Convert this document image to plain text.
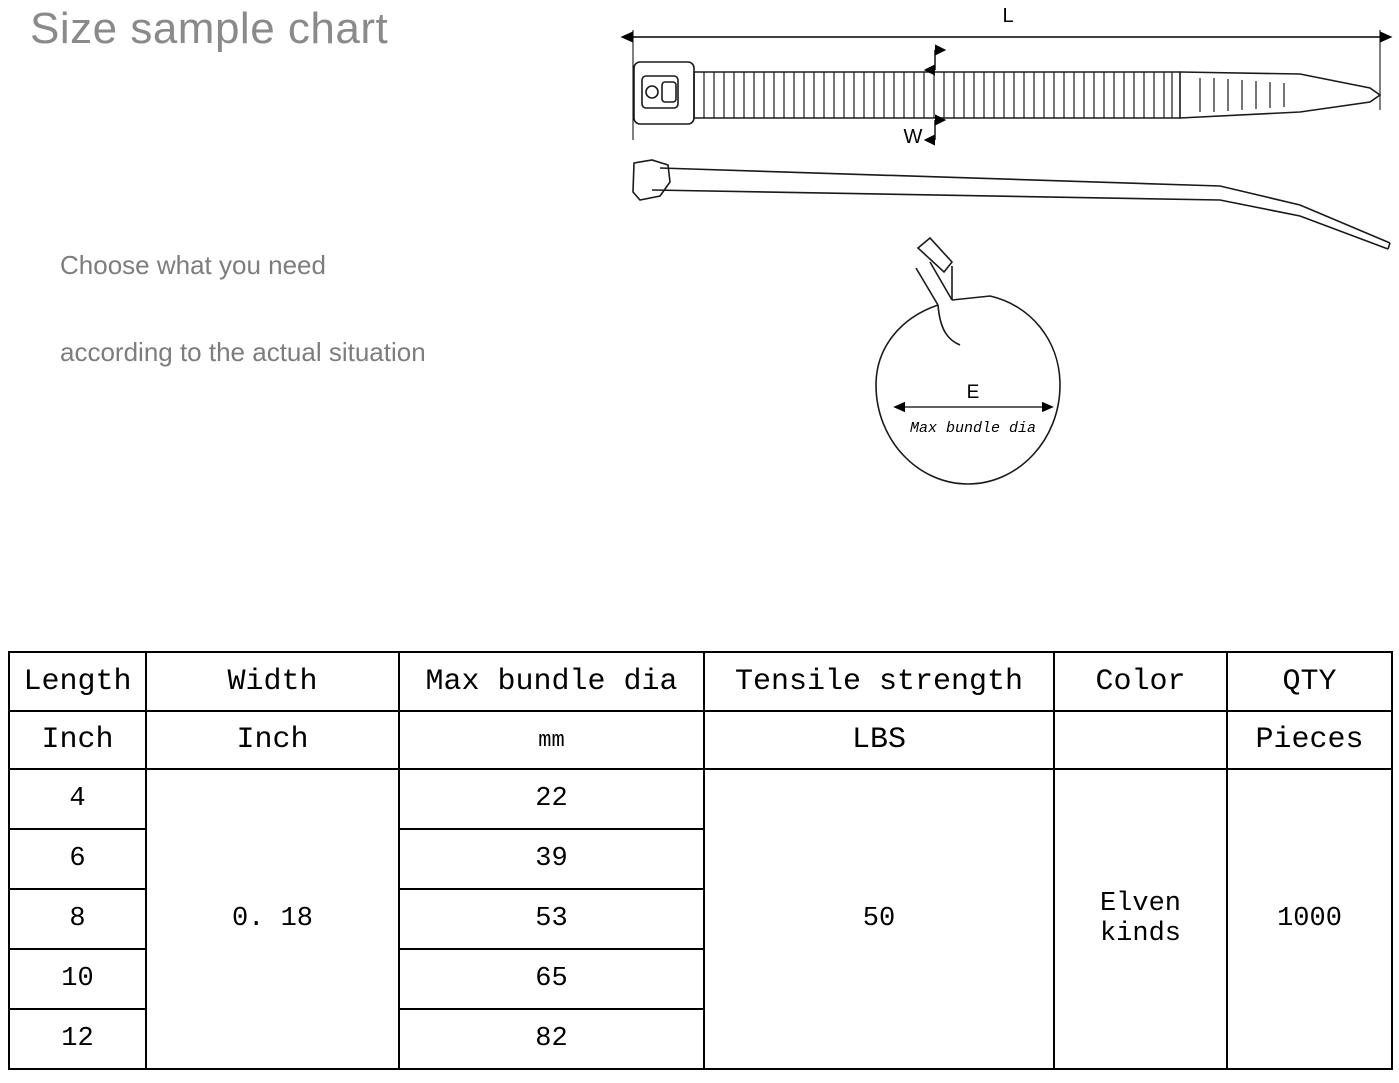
Size sample chart
Choose what you need
according to the actual situation
L
W
E
Max bundle dia
Length	Width	Max bundle dia	Tensile strength	Color	QTY
Inch	Inch	mm	LBS		Pieces
4	0. 18	22	50	Elven kinds	1000
6		39			
8		53			
10		65			
12		82			
